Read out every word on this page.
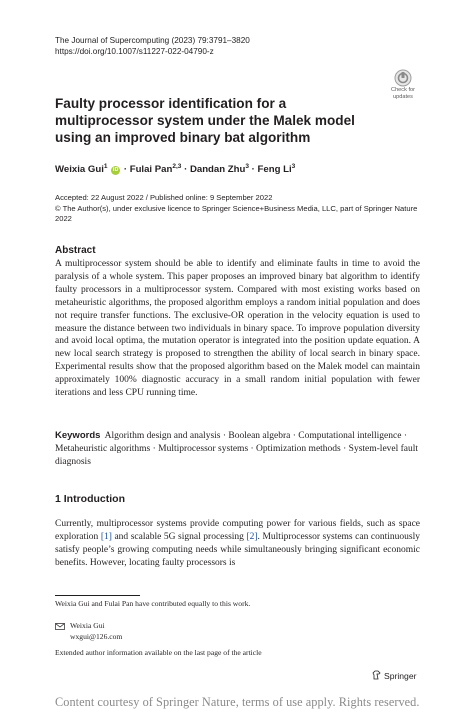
The Journal of Supercomputing (2023) 79:3791–3820
https://doi.org/10.1007/s11227-022-04790-z
Check for
updates
Faulty processor identification for a multiprocessor system under the Malek model using an improved binary bat algorithm
Weixia Gui$^1$ iD · Fulai Pan$^{2,3}$ · Dandan Zhu$^3$ · Feng Li$^3$
Accepted: 22 August 2022 / Published online: 9 September 2022
© The Author(s), under exclusive licence to Springer Science+Business Media, LLC, part of Springer Nature 2022
Abstract
A multiprocessor system should be able to identify and eliminate faults in time to avoid the paralysis of a whole system. This paper proposes an improved binary bat algorithm to identify faulty processors in a multiprocessor system. Compared with most existing works based on metaheuristic algorithms, the proposed algorithm employs a random initial population and does not require transfer functions. The exclusive-OR operation in the velocity equation is used to measure the distance between two individuals in binary space. To improve population diversity and avoid local optima, the mutation operator is integrated into the position update equation. A new local search strategy is proposed to strengthen the ability of local search in binary space. Experimental results show that the proposed algorithm based on the Malek model can maintain approximately 100% diagnostic accuracy in a small random initial population with fewer iterations and less CPU running time.
Keywords Algorithm design and analysis · Boolean algebra · Computational intelligence · Metaheuristic algorithms · Multiprocessor systems · Optimization methods · System-level fault diagnosis
1 Introduction
Currently, multiprocessor systems provide computing power for various fields, such as space exploration [1] and scalable 5G signal processing [2]. Multiprocessor systems can continuously satisfy people’s growing computing needs while simultaneously bringing significant economic benefits. However, locating faulty processors is
Weixia Gui and Fulai Pan have contributed equally to this work.
Weixia Gui
wxgui@126.com
Extended author information available on the last page of the article
Springer
Content courtesy of Springer Nature, terms of use apply. Rights reserved.
